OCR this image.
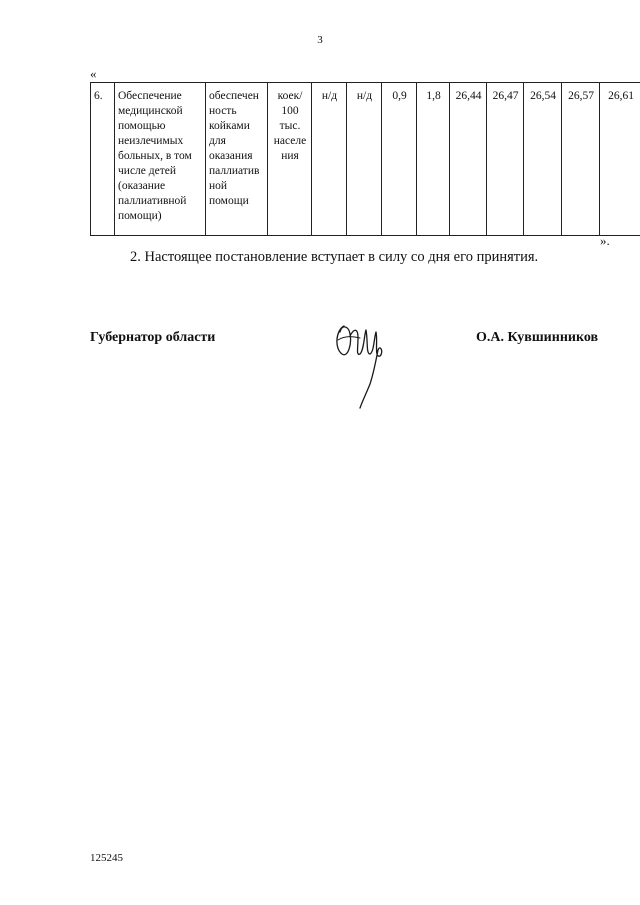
3
«
6.	Обеспечение медицинской помощью неизлечимых больных, в том числе детей (оказание паллиативной помощи)	обеспеченность койками для оказания паллиативной помощи	коек/ 100 тыс. населения	н/д	н/д	0,9	1,8	26,44	26,47	26,54	26,57	26,61
».
2. Настоящее постановление вступает в силу со дня его принятия.
Губернатор области	О.А. Кувшинников
125245
